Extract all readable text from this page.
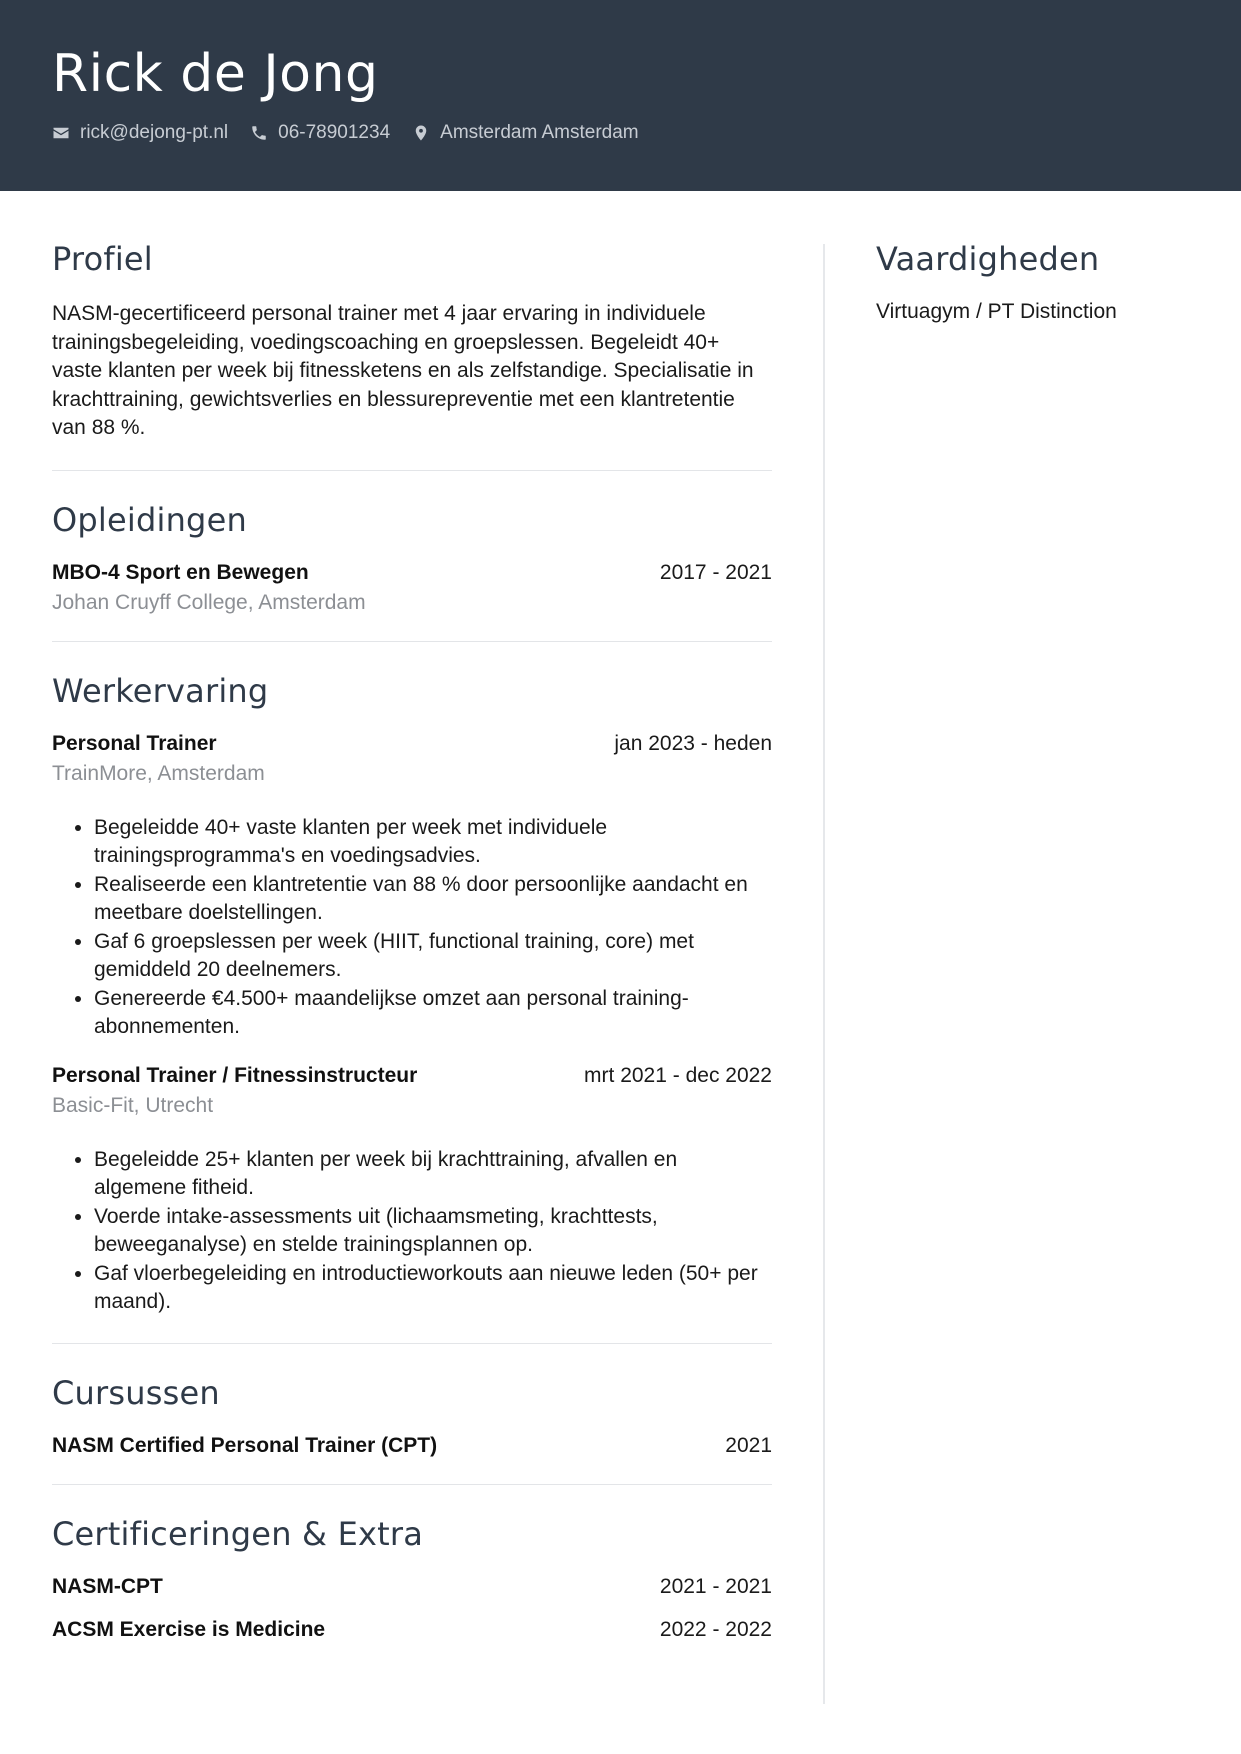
Rick de Jong
rick@dejong-pt.nl	06-78901234	Amsterdam Amsterdam
Profiel
NASM-gecertificeerd personal trainer met 4 jaar ervaring in individuele trainingsbegeleiding, voedingscoaching en groepslessen. Begeleidt 40+ vaste klanten per week bij fitnessketens en als zelfstandige. Specialisatie in krachttraining, gewichtsverlies en blessurepreventie met een klantretentie van 88 %.
Opleidingen
MBO-4 Sport en Bewegen	2017 - 2021
Johan Cruyff College, Amsterdam
Werkervaring
Personal Trainer	jan 2023 - heden
TrainMore, Amsterdam
• Begeleidde 40+ vaste klanten per week met individuele trainingsprogramma's en voedingsadvies.
• Realiseerde een klantretentie van 88 % door persoonlijke aandacht en meetbare doelstellingen.
• Gaf 6 groepslessen per week (HIIT, functional training, core) met gemiddeld 20 deelnemers.
• Genereerde €4.500+ maandelijkse omzet aan personal training-abonnementen.
Personal Trainer / Fitnessinstructeur	mrt 2021 - dec 2022
Basic-Fit, Utrecht
• Begeleidde 25+ klanten per week bij krachttraining, afvallen en algemene fitheid.
• Voerde intake-assessments uit (lichaamsmeting, krachttests, beweeganalyse) en stelde trainingsplannen op.
• Gaf vloerbegeleiding en introductieworkouts aan nieuwe leden (50+ per maand).
Cursussen
NASM Certified Personal Trainer (CPT)	2021
Certificeringen & Extra
NASM-CPT	2021 - 2021
ACSM Exercise is Medicine	2022 - 2022
Vaardigheden
Virtuagym / PT Distinction
